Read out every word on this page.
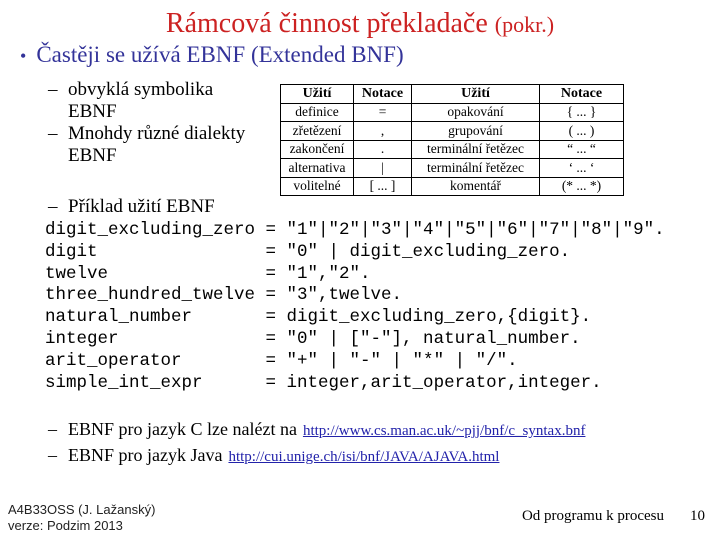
Rámcová činnost překladače (pokr.)
• Častěji se užívá EBNF (Extended BNF)
– obvyklá symbolika EBNF
– Mnohdy různé dialekty EBNF
Užití	Notace	Užití	Notace
definice	=	opakování	{ ... }
zřetězení	,	grupování	( ... )
zakončení	.	terminální řetězec	“ ... “
alternativa	|	terminální řetězec	‘ ... ‘
volitelné	[ ... ]	komentář	(* ... *)
– Příklad užití EBNF
digit_excluding_zero = "1"|"2"|"3"|"4"|"5"|"6"|"7"|"8"|"9".
digit                = "0" | digit_excluding_zero.
twelve               = "1","2".
three_hundred_twelve = "3",twelve.
natural_number       = digit_excluding_zero,{digit}.
integer              = "0" | ["-"], natural_number.
arit_operator        = "+" | "-" | "*" | "/".
simple_int_expr      = integer,arit_operator,integer.
– EBNF pro jazyk C lze nalézt na http://www.cs.man.ac.uk/~pjj/bnf/c_syntax.bnf
– EBNF pro jazyk Java http://cui.unige.ch/isi/bnf/JAVA/AJAVA.html
A4B33OSS (J. Lažanský)
verze: Podzim 2013
Od programu k procesu 10
